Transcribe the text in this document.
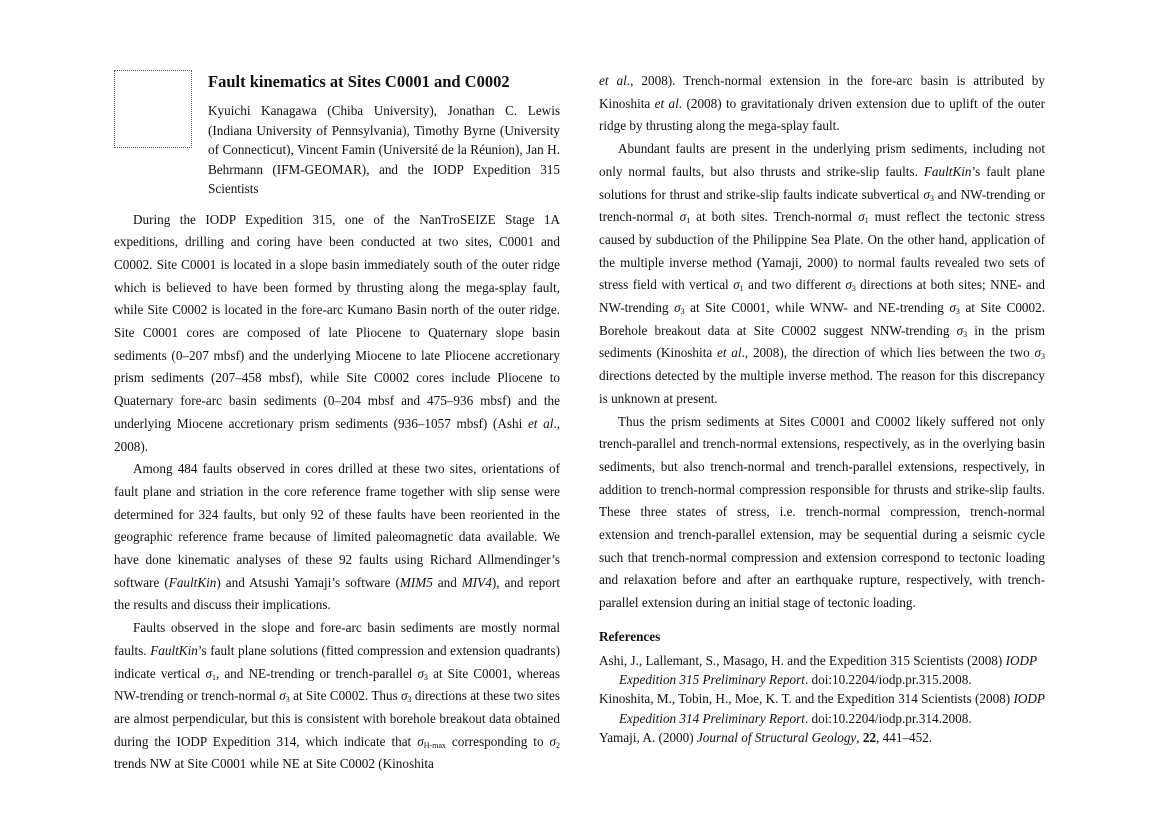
Fault kinematics at Sites C0001 and C0002

Kyuichi Kanagawa (Chiba University), Jonathan C. Lewis (Indiana University of Pennsylvania), Timothy Byrne (University of Connecticut), Vincent Famin (Université de la Réunion), Jan H. Behrmann (IFM-GEOMAR), and the IODP Expedition 315 Scientists

During the IODP Expedition 315, one of the NanTroSEIZE Stage 1A expeditions, drilling and coring have been conducted at two sites, C0001 and C0002. Site C0001 is located in a slope basin immediately south of the outer ridge which is believed to have been formed by thrusting along the mega-splay fault, while Site C0002 is located in the fore-arc Kumano Basin north of the outer ridge. Site C0001 cores are composed of late Pliocene to Quaternary slope basin sediments (0–207 mbsf) and the underlying Miocene to late Pliocene accretionary prism sediments (207–458 mbsf), while Site C0002 cores include Pliocene to Quaternary fore-arc basin sediments (0–204 mbsf and 475–936 mbsf) and the underlying Miocene accretionary prism sediments (936–1057 mbsf) (Ashi et al., 2008).

Among 484 faults observed in cores drilled at these two sites, orientations of fault plane and striation in the core reference frame together with slip sense were determined for 324 faults, but only 92 of these faults have been reoriented in the geographic reference frame because of limited paleomagnetic data available. We have done kinematic analyses of these 92 faults using Richard Allmendinger’s software (FaultKin) and Atsushi Yamaji’s software (MIM5 and MIV4), and report the results and discuss their implications.

Faults observed in the slope and fore-arc basin sediments are mostly normal faults. FaultKin’s fault plane solutions (fitted compression and extension quadrants) indicate vertical $\sigma_1$, and NE-trending or trench-parallel $\sigma_3$ at Site C0001, whereas NW-trending or trench-normal $\sigma_3$ at Site C0002. Thus $\sigma_3$ directions at these two sites are almost perpendicular, but this is consistent with borehole breakout data obtained during the IODP Expedition 314, which indicate that $\sigma_{H-max}$ corresponding to $\sigma_2$ trends NW at Site C0001 while NE at Site C0002 (Kinoshita

et al., 2008). Trench-normal extension in the fore-arc basin is attributed by Kinoshita et al. (2008) to gravitationaly driven extension due to uplift of the outer ridge by thrusting along the mega-splay fault.

Abundant faults are present in the underlying prism sediments, including not only normal faults, but also thrusts and strike-slip faults. FaultKin’s fault plane solutions for thrust and strike-slip faults indicate subvertical $\sigma_3$ and NW-trending or trench-normal $\sigma_1$ at both sites. Trench-normal $\sigma_1$ must reflect the tectonic stress caused by subduction of the Philippine Sea Plate. On the other hand, application of the multiple inverse method (Yamaji, 2000) to normal faults revealed two sets of stress field with vertical $\sigma_1$ and two different $\sigma_3$ directions at both sites; NNE- and NW-trending $\sigma_3$ at Site C0001, while WNW- and NE-trending $\sigma_3$ at Site C0002. Borehole breakout data at Site C0002 suggest NNW-trending $\sigma_3$ in the prism sediments (Kinoshita et al., 2008), the direction of which lies between the two $\sigma_3$ directions detected by the multiple inverse method. The reason for this discrepancy is unknown at present.

Thus the prism sediments at Sites C0001 and C0002 likely suffered not only trench-parallel and trench-normal extensions, respectively, as in the overlying basin sediments, but also trench-normal and trench-parallel extensions, respectively, in addition to trench-normal compression responsible for thrusts and strike-slip faults. These three states of stress, i.e. trench-normal compression, trench-normal extension and trench-parallel extension, may be sequential during a seismic cycle such that trench-normal compression and extension correspond to tectonic loading and relaxation before and after an earthquake rupture, respectively, with trench-parallel extension during an initial stage of tectonic loading.

References

Ashi, J., Lallemant, S., Masago, H. and the Expedition 315 Scientists (2008) IODP Expedition 315 Preliminary Report. doi:10.2204/iodp.pr.315.2008.

Kinoshita, M., Tobin, H., Moe, K. T. and the Expedition 314 Scientists (2008) IODP Expedition 314 Preliminary Report. doi:10.2204/iodp.pr.314.2008.

Yamaji, A. (2000) Journal of Structural Geology, 22, 441–452.
